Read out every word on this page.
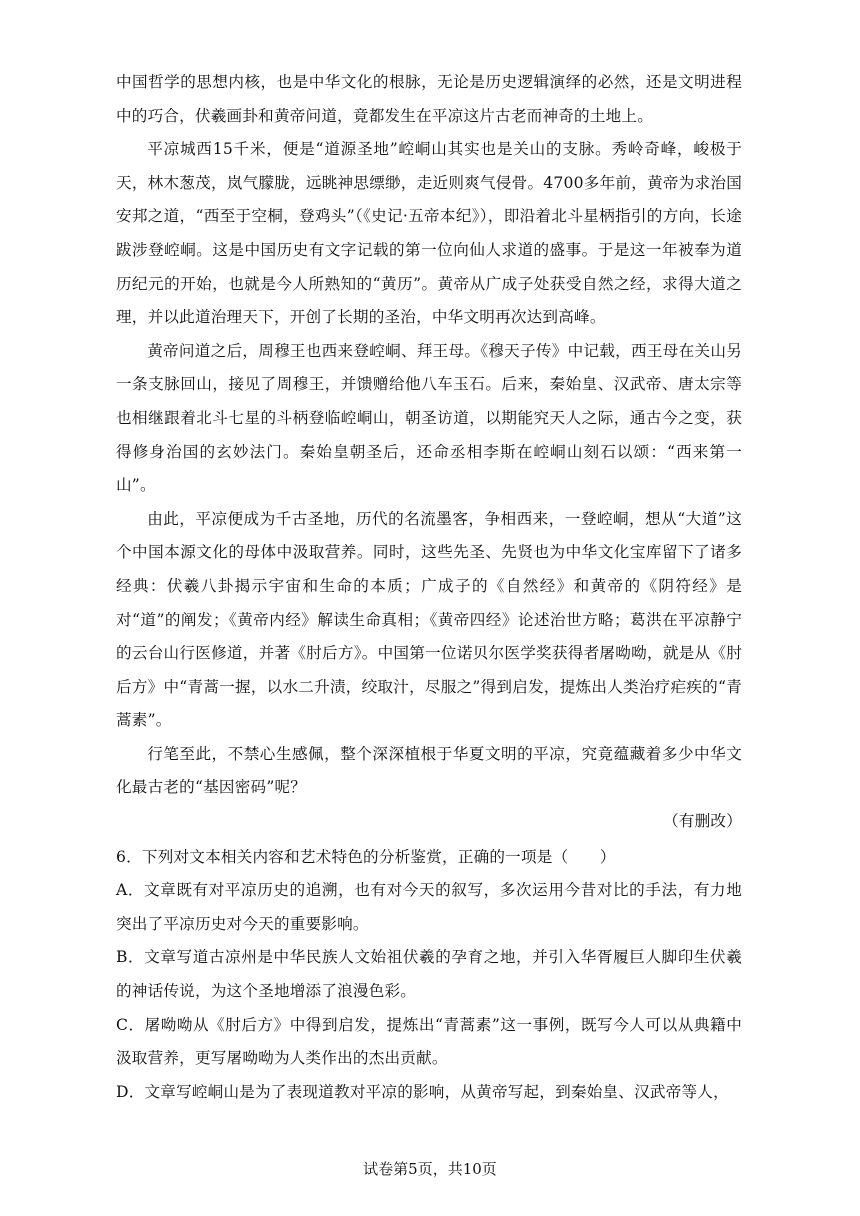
中国哲学的思想内核，也是中华文化的根脉，无论是历史逻辑演绎的必然，还是文明进程中的巧合，伏羲画卦和黄帝问道，竟都发生在平凉这片古老而神奇的土地上。

平凉城西15千米，便是“道源圣地”崆峒山其实也是关山的支脉。秀岭奇峰，峻极于天，林木葱茂，岚气朦胧，远眺神思缥缈，走近则爽气侵骨。4700多年前，黄帝为求治国安邦之道，“西至于空桐，登鸡头”（《史记·五帝本纪》），即沿着北斗星柄指引的方向，长途跋涉登崆峒。这是中国历史有文字记载的第一位向仙人求道的盛事。于是这一年被奉为道历纪元的开始，也就是今人所熟知的“黄历”。黄帝从广成子处获受自然之经，求得大道之理，并以此道治理天下，开创了长期的圣治，中华文明再次达到高峰。

黄帝问道之后，周穆王也西来登崆峒、拜王母。《穆天子传》中记载，西王母在关山另一条支脉回山，接见了周穆王，并馈赠给他八车玉石。后来，秦始皇、汉武帝、唐太宗等也相继跟着北斗七星的斗柄登临崆峒山，朝圣访道，以期能究天人之际，通古今之变，获得修身治国的玄妙法门。秦始皇朝圣后，还命丞相李斯在崆峒山刻石以颂：“西来第一山”。

由此，平凉便成为千古圣地，历代的名流墨客，争相西来，一登崆峒，想从“大道”这个中国本源文化的母体中汲取营养。同时，这些先圣、先贤也为中华文化宝库留下了诸多经典：伏羲八卦揭示宇宙和生命的本质；广成子的《自然经》和黄帝的《阴符经》是对“道”的阐发；《黄帝内经》解读生命真相；《黄帝四经》论述治世方略；葛洪在平凉静宁的云台山行医修道，并著《肘后方》。中国第一位诺贝尔医学奖获得者屠呦呦，就是从《肘后方》中“青蒿一握，以水二升渍，绞取汁，尽服之”得到启发，提炼出人类治疗疟疾的“青蒿素”。

行笔至此，不禁心生感佩，整个深深植根于华夏文明的平凉，究竟蕴藏着多少中华文化最古老的“基因密码”呢？

（有删改）

6．下列对文本相关内容和艺术特色的分析鉴赏，正确的一项是（　　）

A．文章既有对平凉历史的追溯，也有对今天的叙写，多次运用今昔对比的手法，有力地突出了平凉历史对今天的重要影响。

B．文章写道古凉州是中华民族人文始祖伏羲的孕育之地，并引入华胥履巨人脚印生伏羲的神话传说，为这个圣地增添了浪漫色彩。

C．屠呦呦从《肘后方》中得到启发，提炼出“青蒿素”这一事例，既写今人可以从典籍中汲取营养，更写屠呦呦为人类作出的杰出贡献。

D．文章写崆峒山是为了表现道教对平凉的影响，从黄帝写起，到秦始皇、汉武帝等人，

试卷第5页，共10页
